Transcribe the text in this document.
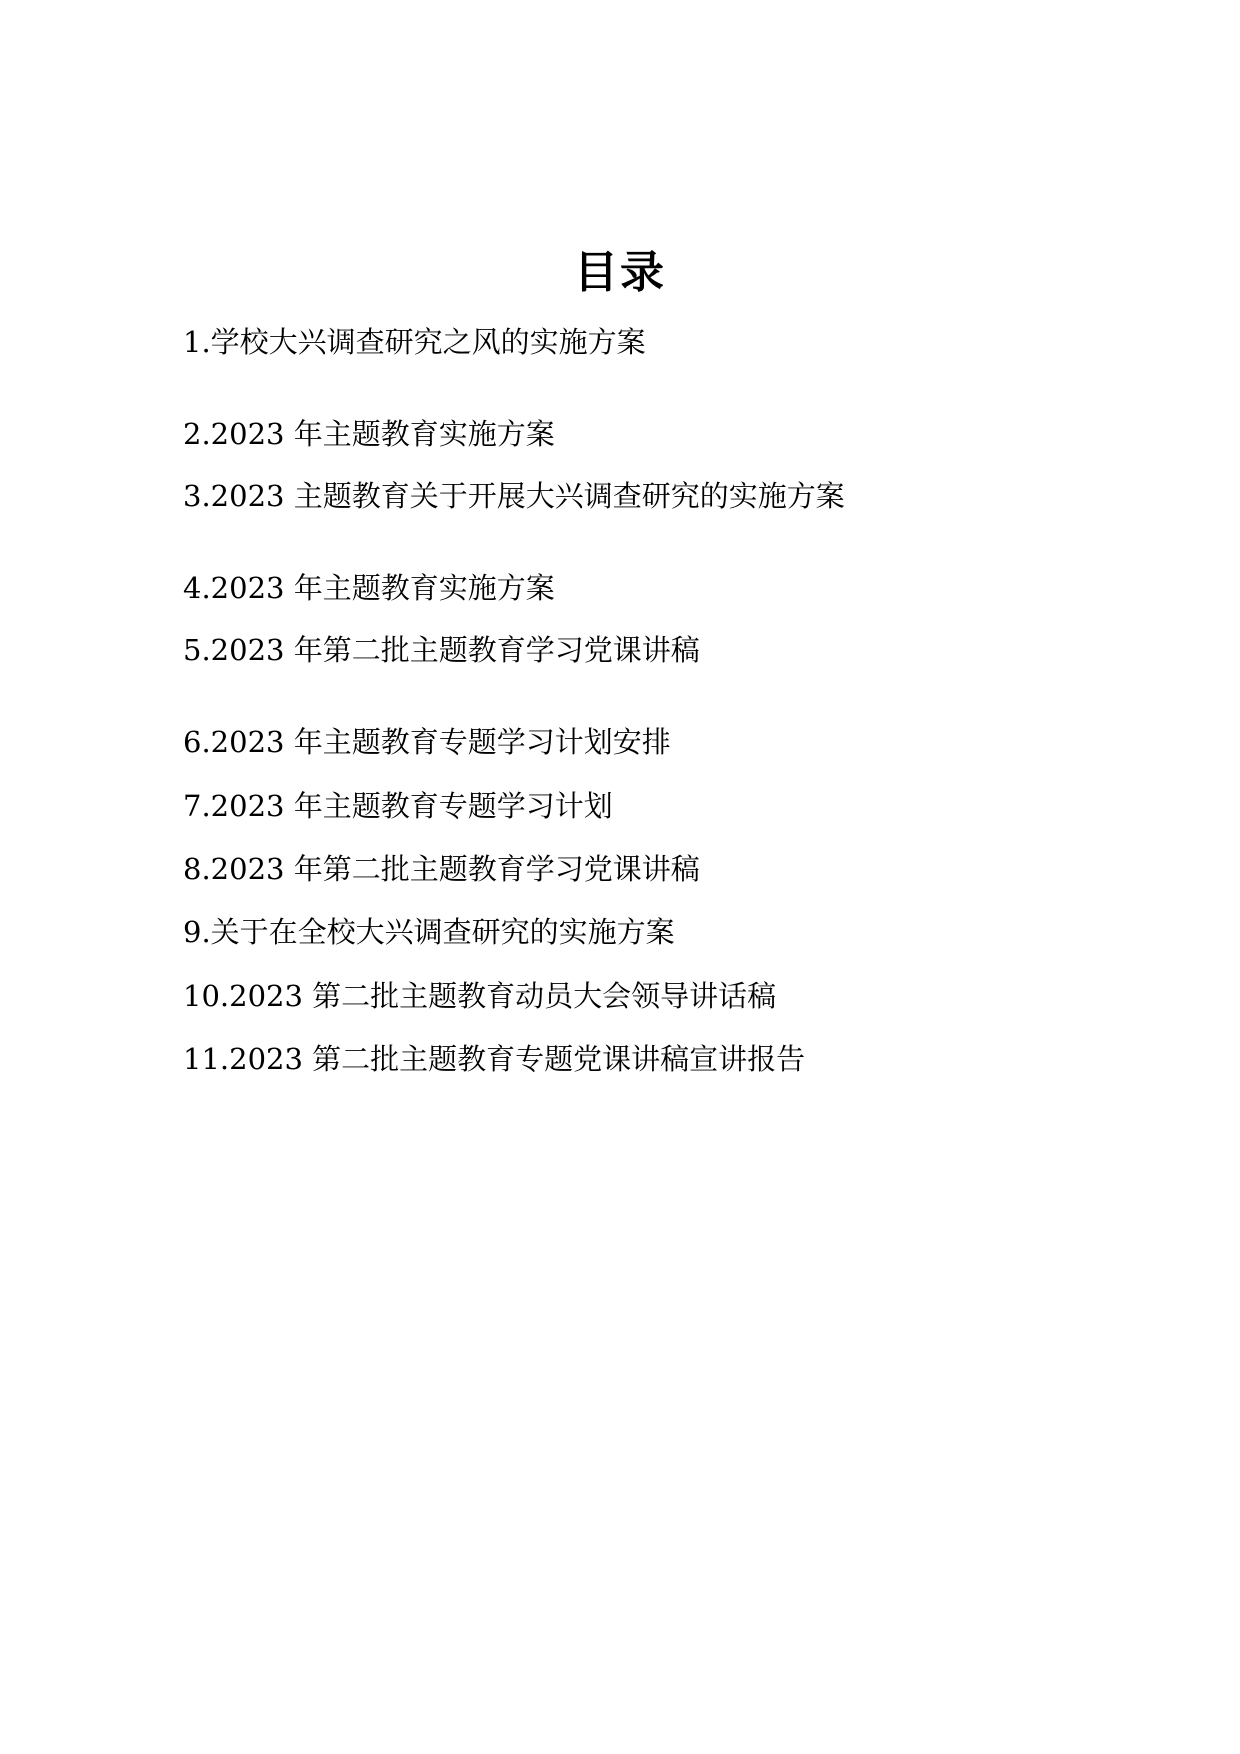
目录
1.学校大兴调查研究之风的实施方案
2.2023 年主题教育实施方案
3.2023 主题教育关于开展大兴调查研究的实施方案
4.2023 年主题教育实施方案
5.2023 年第二批主题教育学习党课讲稿
6.2023 年主题教育专题学习计划安排
7.2023 年主题教育专题学习计划
8.2023 年第二批主题教育学习党课讲稿
9.关于在全校大兴调查研究的实施方案
10.2023 第二批主题教育动员大会领导讲话稿
11.2023 第二批主题教育专题党课讲稿宣讲报告
